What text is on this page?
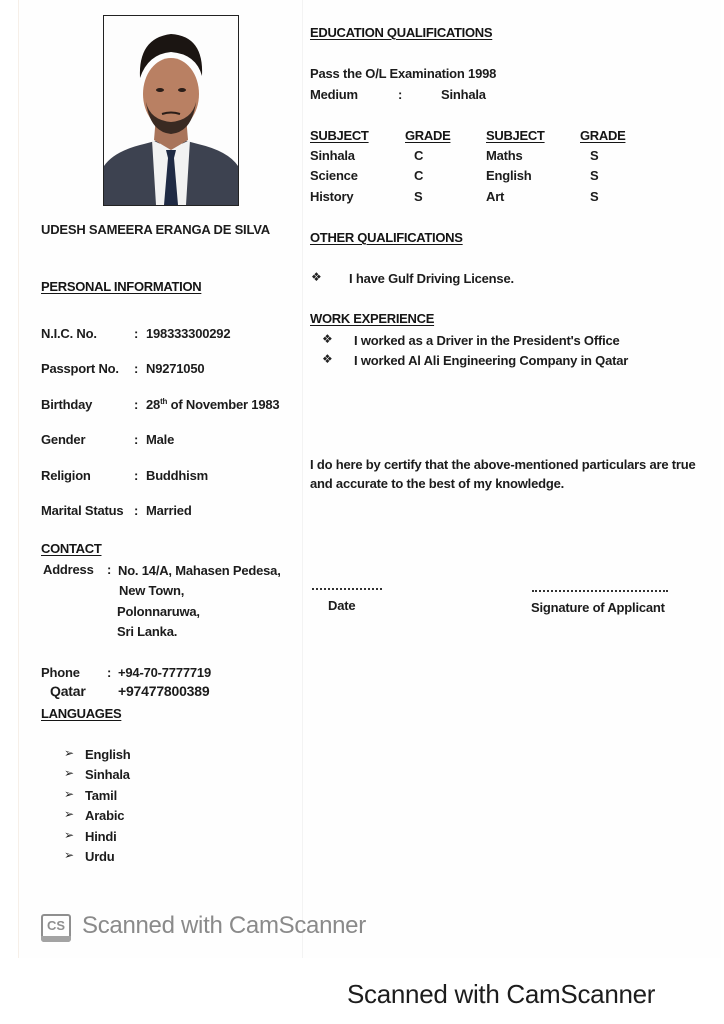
UDESH SAMEERA ERANGA DE SILVA
PERSONAL INFORMATION
N.I.C. No.	: 198333300292
Passport No. : N9271050
Birthday	: 28th of November 1983
Gender	: Male
Religion	: Buddhism
Marital Status : Married
CONTACT
Address : No. 14/A, Mahasen Pedesa,
New Town,
Polonnaruwa,
Sri Lanka.
Phone : +94-70-7777719
Qatar +97477800389
LANGUAGES
➢ English
➢ Sinhala
➢ Tamil
➢ Arabic
➢ Hindi
➢ Urdu
EDUCATION QUALIFICATIONS
Pass the O/L Examination 1998
Medium	:	Sinhala
SUBJECT	GRADE	SUBJECT	GRADE
Sinhala	C	Maths	S
Science	C	English	S
History	S	Art	S
OTHER QUALIFICATIONS
❖ I have Gulf Driving License.
WORK EXPERIENCE
❖ I worked as a Driver in the President's Office
❖ I worked Al Ali Engineering Company in Qatar
I do here by certify that the above-mentioned particulars are true
and accurate to the best of my knowledge.
Date	Signature of Applicant
CS Scanned with CamScanner
Scanned with CamScanner
